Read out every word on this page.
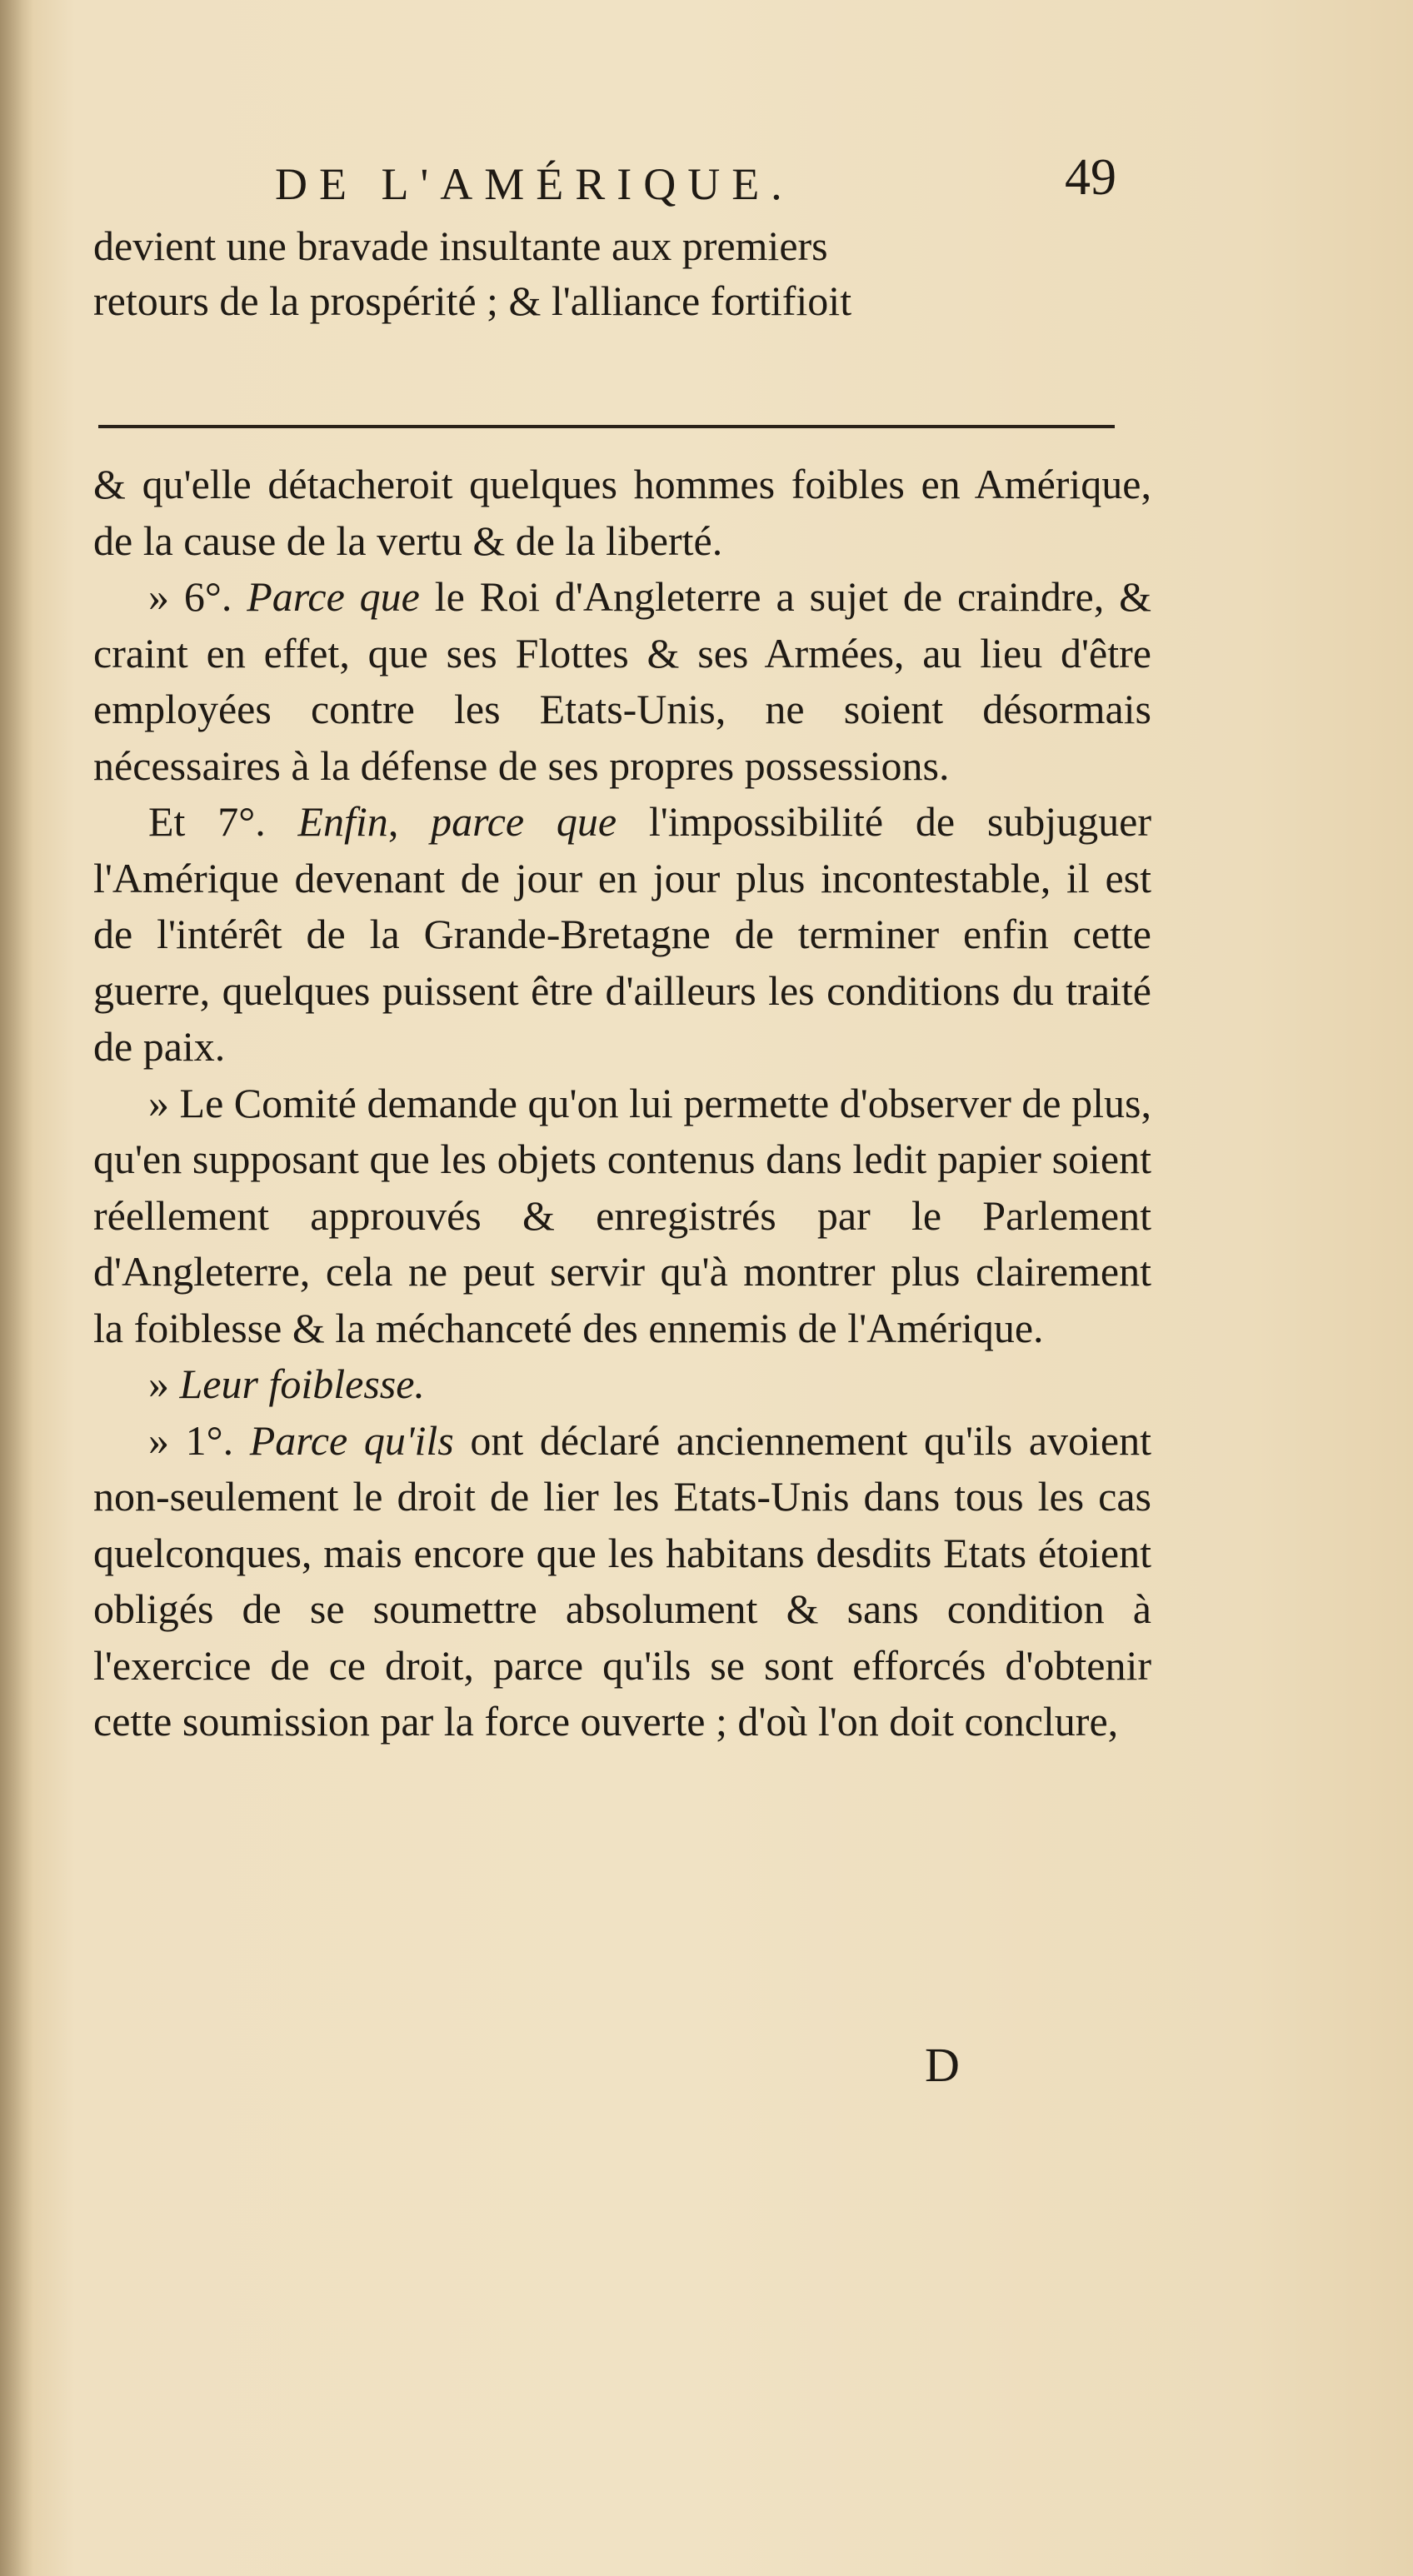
DE L'AMÉRIQUE.	49
devient une bravade insultante aux premiers
retours de la prospérité ; & l'alliance fortifioit

& qu'elle détacheroit quelques hommes foibles en Amérique, de la cause de la vertu & de la liberté.

» 6°. Parce que le Roi d'Angleterre a sujet de craindre, & craint en effet, que ses Flottes & ses Armées, au lieu d'être employées contre les Etats-Unis, ne soient désormais nécessaires à la défense de ses propres possessions.

Et 7°. Enfin, parce que l'impossibilité de subjuguer l'Amérique devenant de jour en jour plus incontestable, il est de l'intérêt de la Grande-Bretagne de terminer enfin cette guerre, quelques puissent être d'ailleurs les conditions du traité de paix.

» Le Comité demande qu'on lui permette d'observer de plus, qu'en supposant que les objets contenus dans ledit papier soient réellement approuvés & enregistrés par le Parlement d'Angleterre, cela ne peut servir qu'à montrer plus clairement la foiblesse & la méchanceté des ennemis de l'Amérique.

» Leur foiblesse.

» 1°. Parce qu'ils ont déclaré anciennement qu'ils avoient non-seulement le droit de lier les Etats-Unis dans tous les cas quelconques, mais encore que les habitans desdits Etats étoient obligés de se soumettre absolument & sans condition à l'exercice de ce droit, parce qu'ils se sont efforcés d'obtenir cette soumission par la force ouverte ; d'où l'on doit conclure,

D
